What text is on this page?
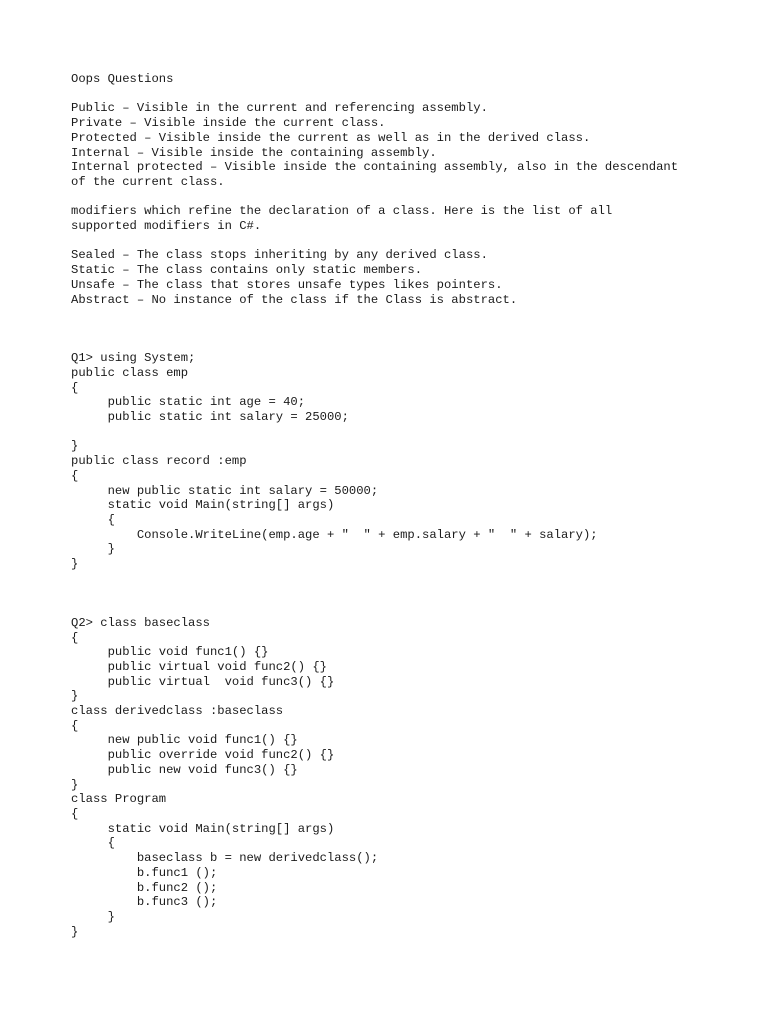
Oops Questions
Public – Visible in the current and referencing assembly.
Private – Visible inside the current class.
Protected – Visible inside the current as well as in the derived class.
Internal – Visible inside the containing assembly.
Internal protected – Visible inside the containing assembly, also in the descendant
of the current class.
modifiers which refine the declaration of a class. Here is the list of all
supported modifiers in C#.
Sealed – The class stops inheriting by any derived class.
Static – The class contains only static members.
Unsafe – The class that stores unsafe types likes pointers.
Abstract – No instance of the class if the Class is abstract.
Q1> using System;
public class emp
{
public static int age = 40;
public static int salary = 25000;
}
public class record :emp
{
new public static int salary = 50000;
static void Main(string[] args)
{
Console.WriteLine(emp.age + "  " + emp.salary + "  " + salary);
}
}
Q2> class baseclass
{
public void func1() {}
public virtual void func2() {}
public virtual  void func3() {}
}
class derivedclass :baseclass
{
new public void func1() {}
public override void func2() {}
public new void func3() {}
}
class Program
{
static void Main(string[] args)
{
baseclass b = new derivedclass();
b.func1 ();
b.func2 ();
b.func3 ();
}
}
